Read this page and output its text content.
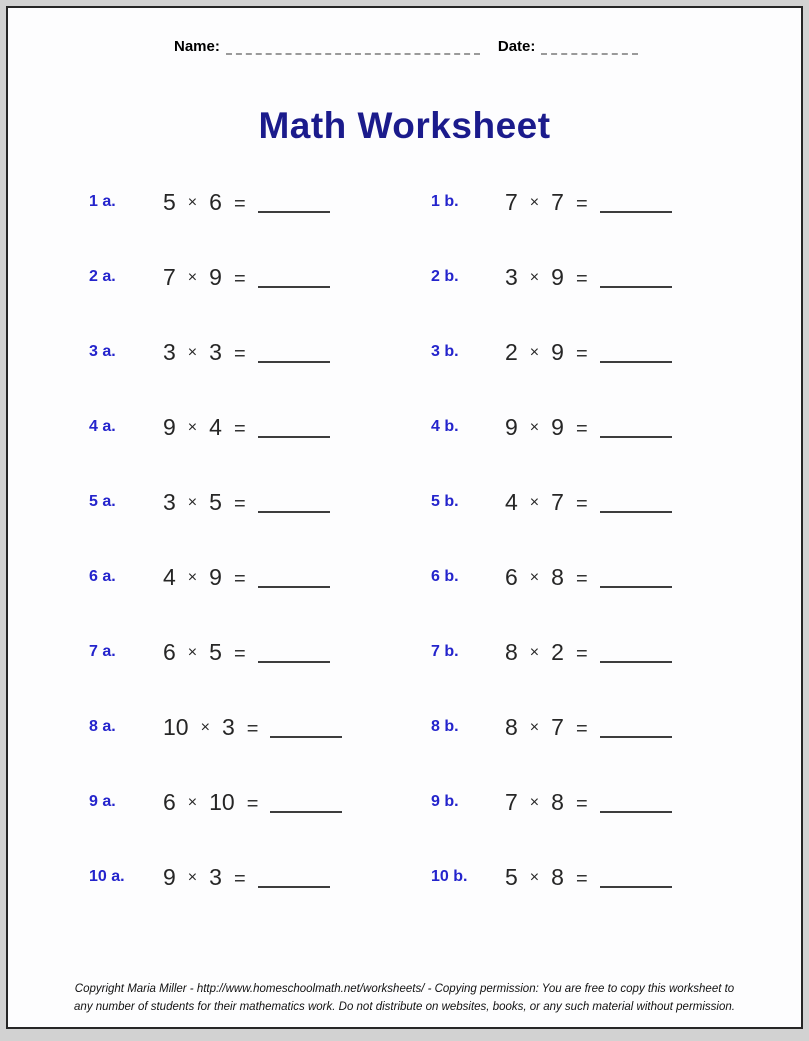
Name:	Date:
Math Worksheet
1 a.	5 × 6 =	1 b.	7 × 7 =
2 a.	7 × 9 =	2 b.	3 × 9 =
3 a.	3 × 3 =	3 b.	2 × 9 =
4 a.	9 × 4 =	4 b.	9 × 9 =
5 a.	3 × 5 =	5 b.	4 × 7 =
6 a.	4 × 9 =	6 b.	6 × 8 =
7 a.	6 × 5 =	7 b.	8 × 2 =
8 a.	10 × 3 =	8 b.	8 × 7 =
9 a.	6 × 10 =	9 b.	7 × 8 =
10 a.	9 × 3 =	10 b.	5 × 8 =
Copyright Maria Miller - http://www.homeschoolmath.net/worksheets/ - Copying permission: You are free to copy this worksheet to any number of students for their mathematics work. Do not distribute on websites, books, or any such material without permission.
